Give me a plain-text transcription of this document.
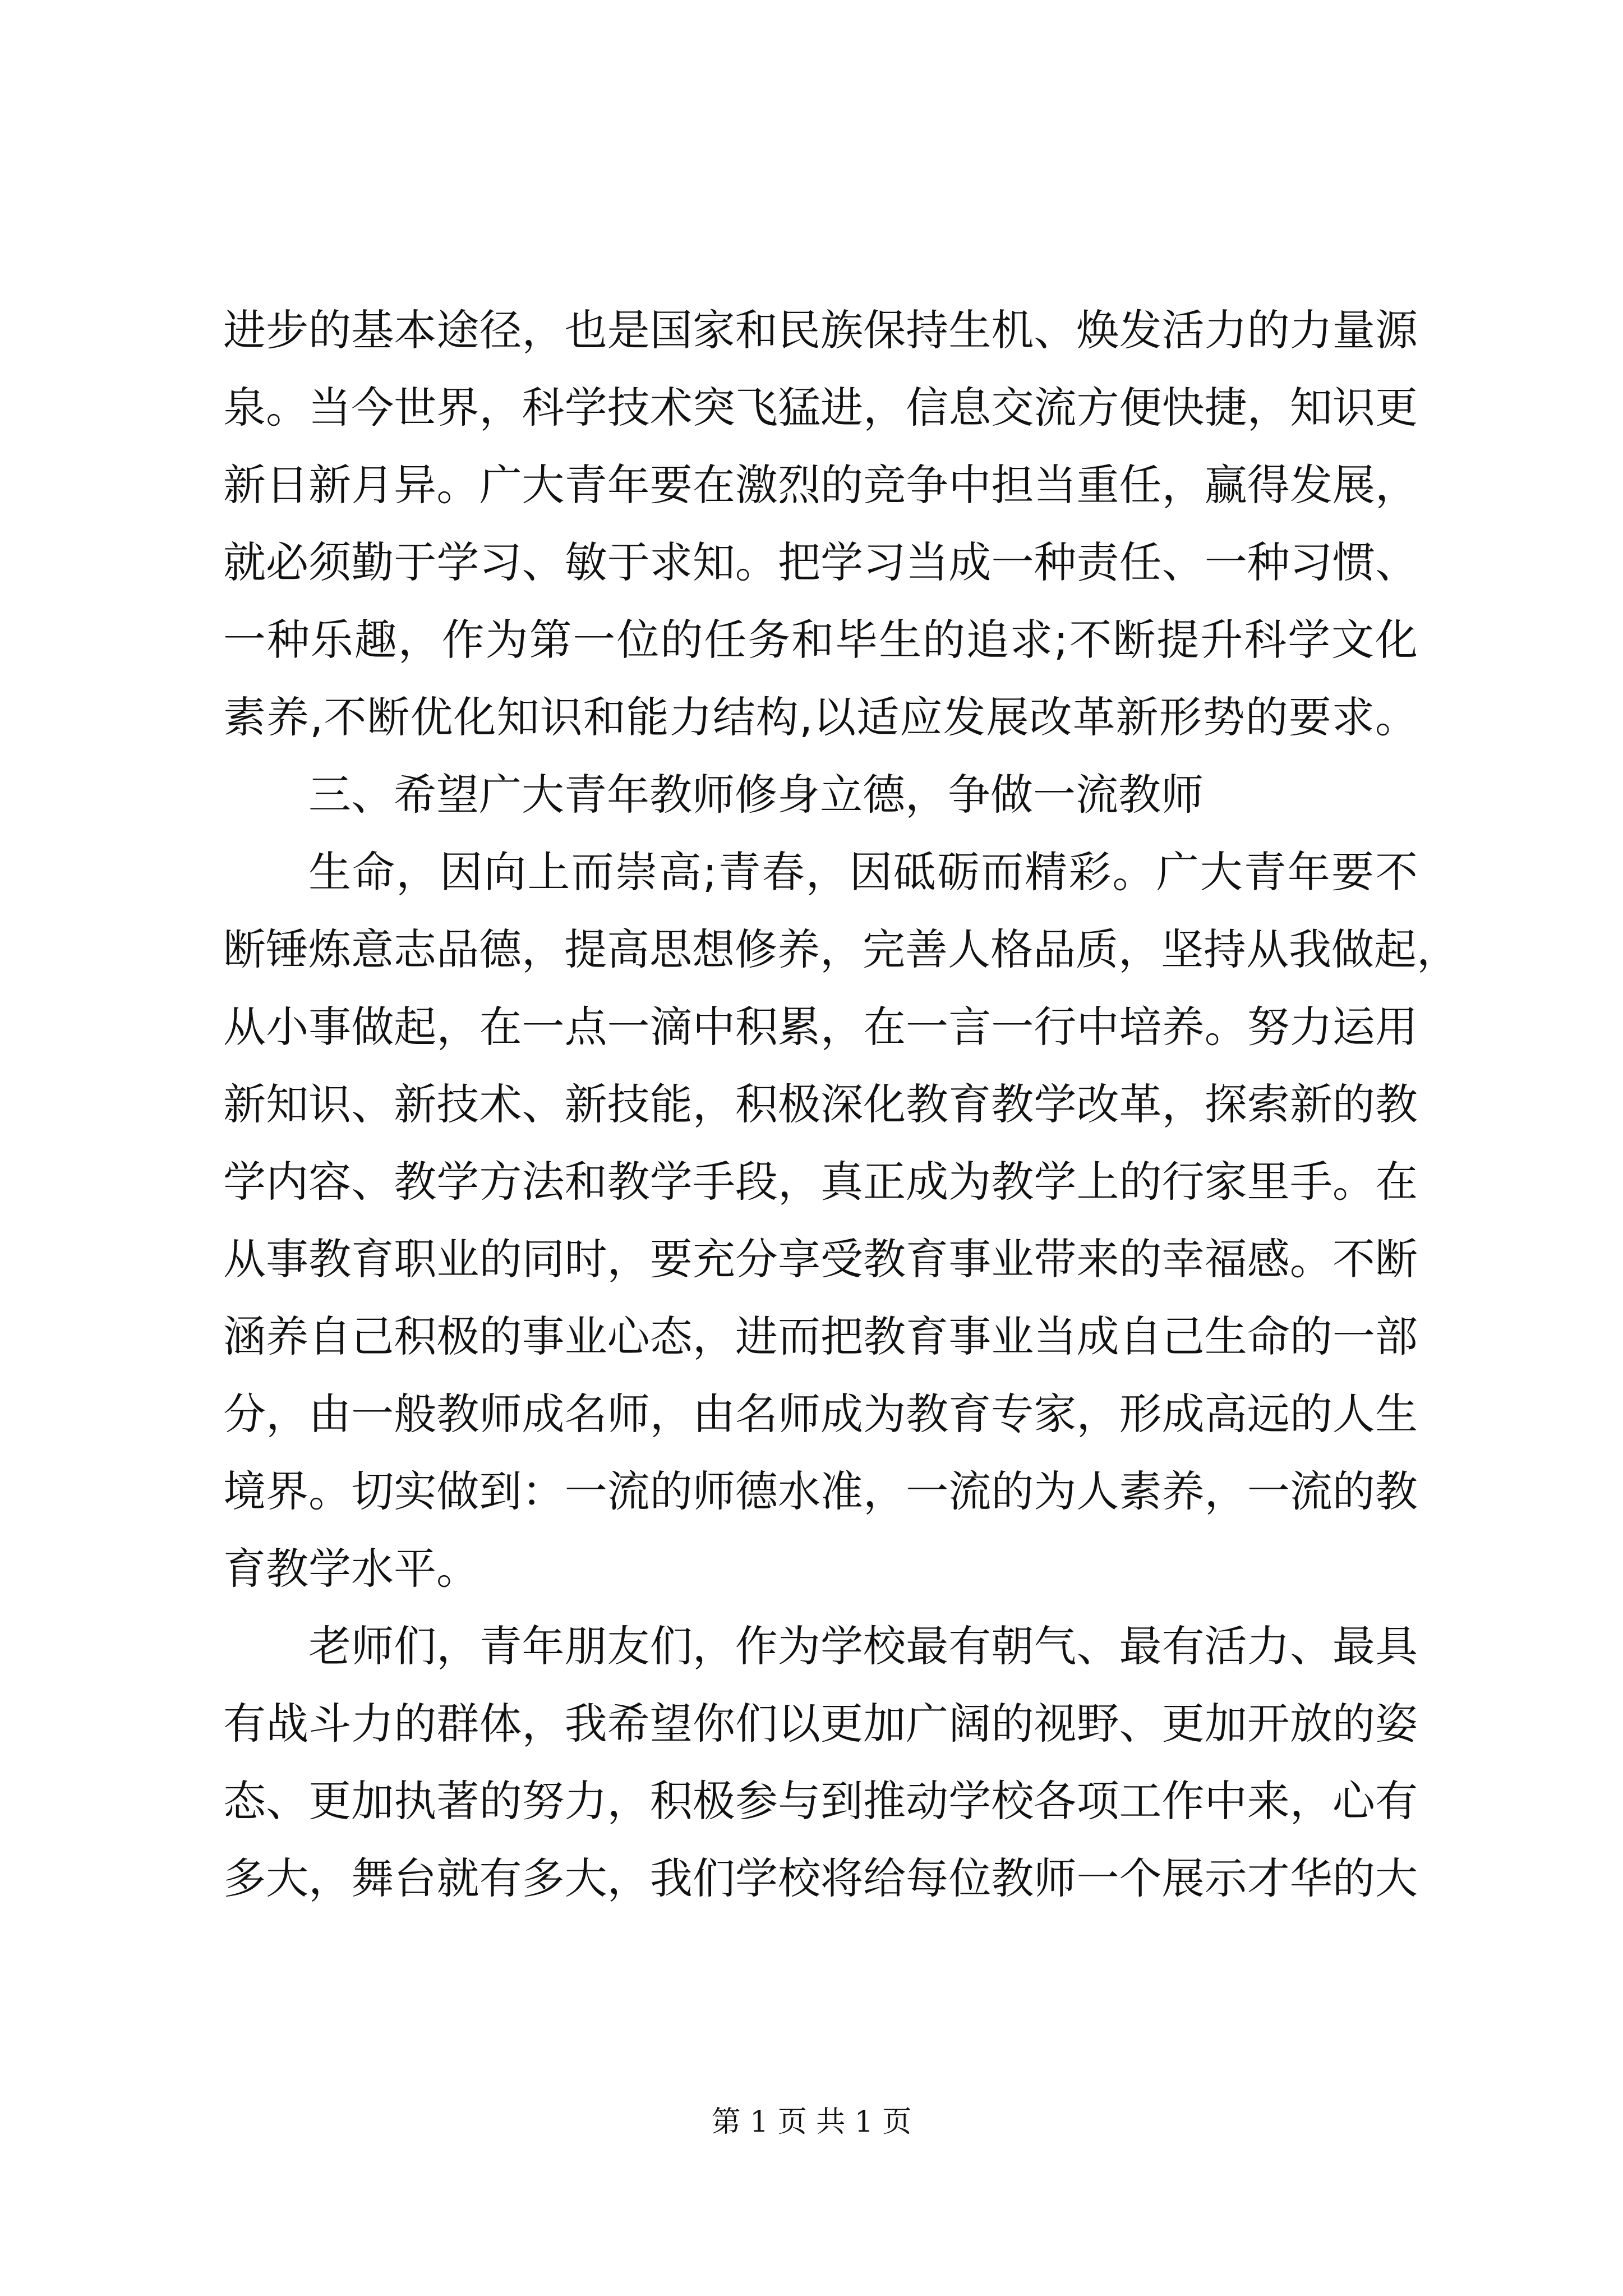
进步的基本途径，也是国家和民族保持生机、焕发活力的力量源
泉。当今世界，科学技术突飞猛进，信息交流方便快捷，知识更
新日新月异。广大青年要在激烈的竞争中担当重任，赢得发展，
就必须勤于学习、敏于求知。把学习当成一种责任、一种习惯、
一种乐趣，作为第一位的任务和毕生的追求;不断提升科学文化
素养,不断优化知识和能力结构,以适应发展改革新形势的要求。
三、希望广大青年教师修身立德，争做一流教师
生命，因向上而崇高;青春，因砥砺而精彩。广大青年要不
断锤炼意志品德，提高思想修养，完善人格品质，坚持从我做起，
从小事做起，在一点一滴中积累，在一言一行中培养。努力运用
新知识、新技术、新技能，积极深化教育教学改革，探索新的教
学内容、教学方法和教学手段，真正成为教学上的行家里手。在
从事教育职业的同时，要充分享受教育事业带来的幸福感。不断
涵养自己积极的事业心态，进而把教育事业当成自己生命的一部
分，由一般教师成名师，由名师成为教育专家，形成高远的人生
境界。切实做到：一流的师德水准，一流的为人素养，一流的教
育教学水平。
老师们，青年朋友们，作为学校最有朝气、最有活力、最具
有战斗力的群体，我希望你们以更加广阔的视野、更加开放的姿
态、更加执著的努力，积极参与到推动学校各项工作中来，心有
多大，舞台就有多大，我们学校将给每位教师一个展示才华的大
第 1 页 共 1 页
